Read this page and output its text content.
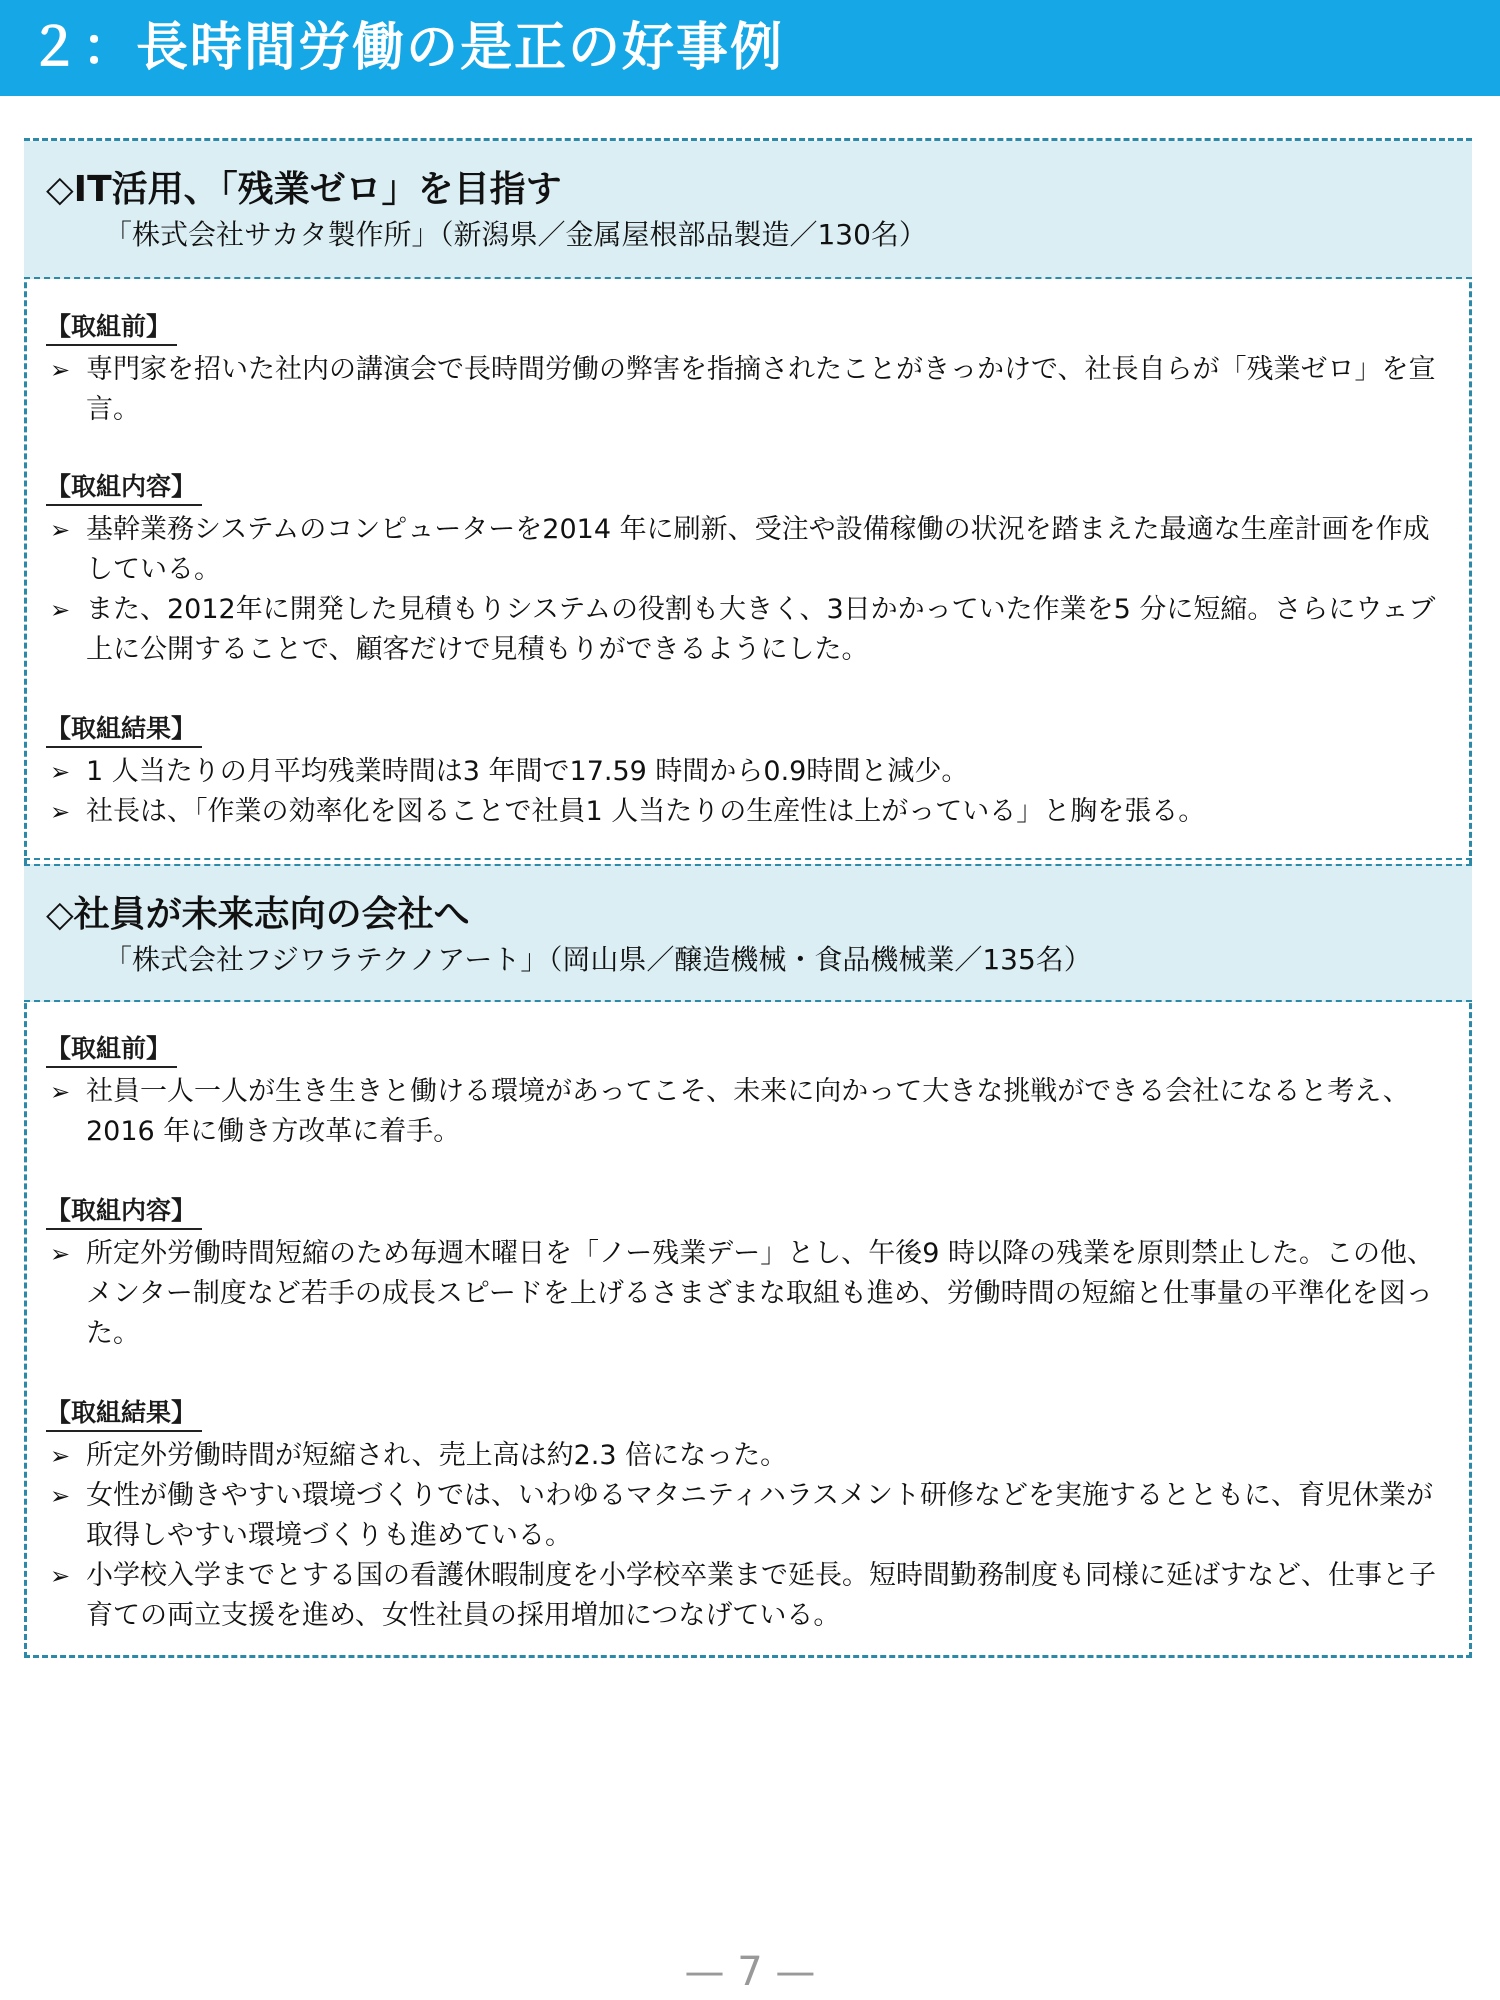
２：長時間労働の是正の好事例
◇IT活用、「残業ゼロ」を目指す
「株式会社サカタ製作所」（新潟県／金属屋根部品製造／130名）
【取組前】
➢ 専門家を招いた社内の講演会で長時間労働の弊害を指摘されたことがきっかけで、社長自らが「残業ゼロ」を宣言。
【取組内容】
➢ 基幹業務システムのコンピューターを2014 年に刷新、受注や設備稼働の状況を踏まえた最適な生産計画を作成している。
➢ また、2012年に開発した見積もりシステムの役割も大きく、3日かかっていた作業を5 分に短縮。さらにウェブ上に公開することで、顧客だけで見積もりができるようにした。
【取組結果】
➢ 1 人当たりの月平均残業時間は3 年間で17.59 時間から0.9時間と減少。
➢ 社長は、「作業の効率化を図ることで社員1 人当たりの生産性は上がっている」と胸を張る。
◇社員が未来志向の会社へ
「株式会社フジワラテクノアート」（岡山県／醸造機械・食品機械業／135名）
【取組前】
➢ 社員一人一人が生き生きと働ける環境があってこそ、未来に向かって大きな挑戦ができる会社になると考え、2016 年に働き方改革に着手。
【取組内容】
➢ 所定外労働時間短縮のため毎週木曜日を「ノー残業デー」とし、午後9 時以降の残業を原則禁止した。この他、メンター制度など若手の成長スピードを上げるさまざまな取組も進め、労働時間の短縮と仕事量の平準化を図った。
【取組結果】
➢ 所定外労働時間が短縮され、売上高は約2.3 倍になった。
➢ 女性が働きやすい環境づくりでは、いわゆるマタニティハラスメント研修などを実施するとともに、育児休業が取得しやすい環境づくりも進めている。
➢ 小学校入学までとする国の看護休暇制度を小学校卒業まで延長。短時間勤務制度も同様に延ばすなど、仕事と子育ての両立支援を進め、女性社員の採用増加につなげている。
— 7 —
